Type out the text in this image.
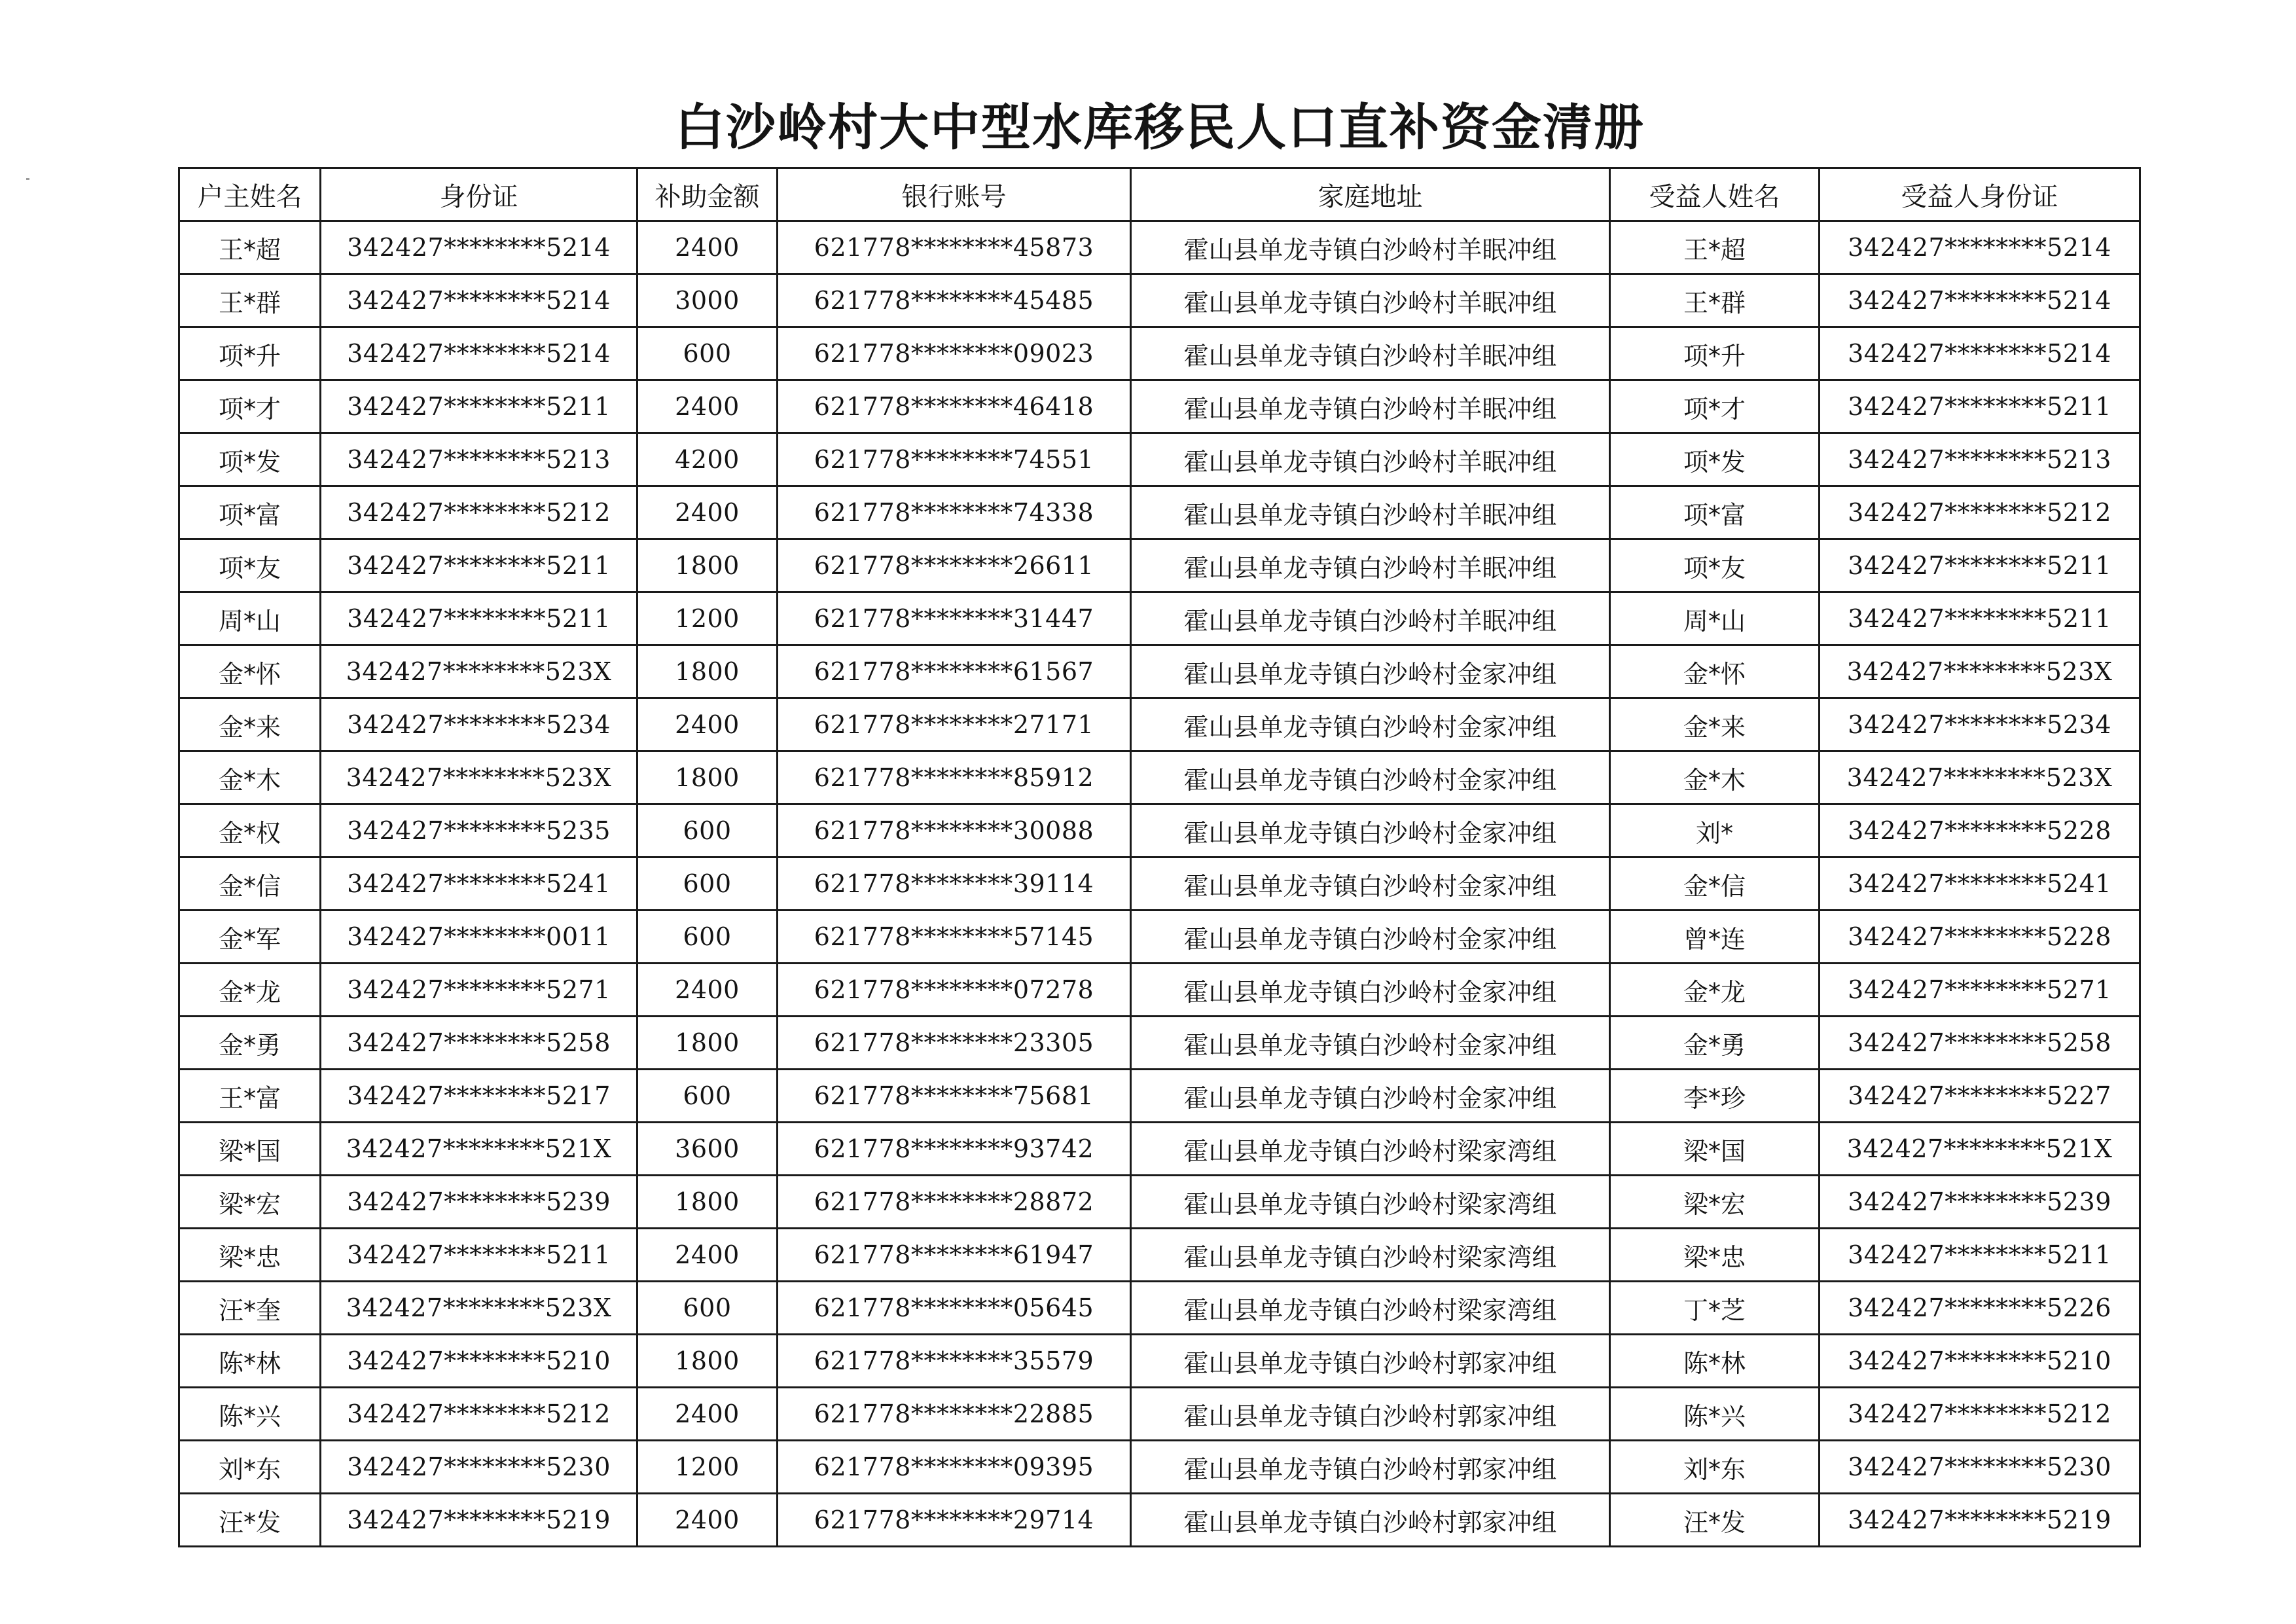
白沙岭村大中型水库移民人口直补资金清册
户主姓名	身份证	补助金额	银行账号	家庭地址	受益人姓名	受益人身份证
王*超	342427********5214	2400	621778********45873	霍山县单龙寺镇白沙岭村羊眠冲组	王*超	342427********5214
王*群	342427********5214	3000	621778********45485	霍山县单龙寺镇白沙岭村羊眠冲组	王*群	342427********5214
项*升	342427********5214	600	621778********09023	霍山县单龙寺镇白沙岭村羊眠冲组	项*升	342427********5214
项*才	342427********5211	2400	621778********46418	霍山县单龙寺镇白沙岭村羊眠冲组	项*才	342427********5211
项*发	342427********5213	4200	621778********74551	霍山县单龙寺镇白沙岭村羊眠冲组	项*发	342427********5213
项*富	342427********5212	2400	621778********74338	霍山县单龙寺镇白沙岭村羊眠冲组	项*富	342427********5212
项*友	342427********5211	1800	621778********26611	霍山县单龙寺镇白沙岭村羊眠冲组	项*友	342427********5211
周*山	342427********5211	1200	621778********31447	霍山县单龙寺镇白沙岭村羊眠冲组	周*山	342427********5211
金*怀	342427********523X	1800	621778********61567	霍山县单龙寺镇白沙岭村金家冲组	金*怀	342427********523X
金*来	342427********5234	2400	621778********27171	霍山县单龙寺镇白沙岭村金家冲组	金*来	342427********5234
金*木	342427********523X	1800	621778********85912	霍山县单龙寺镇白沙岭村金家冲组	金*木	342427********523X
金*权	342427********5235	600	621778********30088	霍山县单龙寺镇白沙岭村金家冲组	刘*	342427********5228
金*信	342427********5241	600	621778********39114	霍山县单龙寺镇白沙岭村金家冲组	金*信	342427********5241
金*军	342427********0011	600	621778********57145	霍山县单龙寺镇白沙岭村金家冲组	曾*连	342427********5228
金*龙	342427********5271	2400	621778********07278	霍山县单龙寺镇白沙岭村金家冲组	金*龙	342427********5271
金*勇	342427********5258	1800	621778********23305	霍山县单龙寺镇白沙岭村金家冲组	金*勇	342427********5258
王*富	342427********5217	600	621778********75681	霍山县单龙寺镇白沙岭村金家冲组	李*珍	342427********5227
梁*国	342427********521X	3600	621778********93742	霍山县单龙寺镇白沙岭村梁家湾组	梁*国	342427********521X
梁*宏	342427********5239	1800	621778********28872	霍山县单龙寺镇白沙岭村梁家湾组	梁*宏	342427********5239
梁*忠	342427********5211	2400	621778********61947	霍山县单龙寺镇白沙岭村梁家湾组	梁*忠	342427********5211
汪*奎	342427********523X	600	621778********05645	霍山县单龙寺镇白沙岭村梁家湾组	丁*芝	342427********5226
陈*林	342427********5210	1800	621778********35579	霍山县单龙寺镇白沙岭村郭家冲组	陈*林	342427********5210
陈*兴	342427********5212	2400	621778********22885	霍山县单龙寺镇白沙岭村郭家冲组	陈*兴	342427********5212
刘*东	342427********5230	1200	621778********09395	霍山县单龙寺镇白沙岭村郭家冲组	刘*东	342427********5230
汪*发	342427********5219	2400	621778********29714	霍山县单龙寺镇白沙岭村郭家冲组	汪*发	342427********5219
